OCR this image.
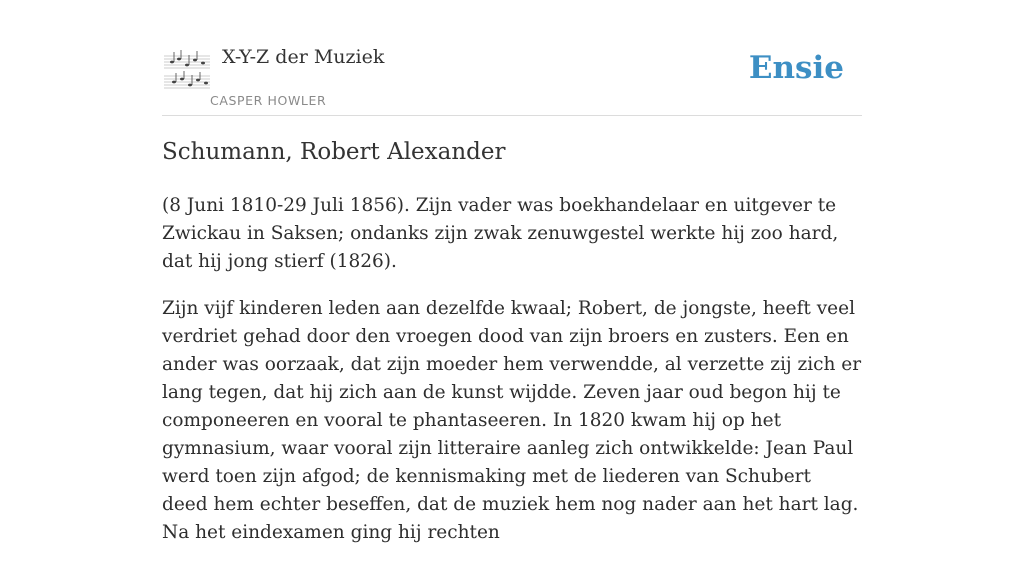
X-Y-Z der Muziek
CASPER HOWLER
Ensie
Schumann, Robert Alexander

(8 Juni 1810-29 Juli 1856). Zijn vader was boekhandelaar en uitgever te Zwickau in Saksen; ondanks zijn zwak zenuwgestel werkte hij zoo hard, dat hij jong stierf (1826).

Zijn vijf kinderen leden aan dezelfde kwaal; Robert, de jongste, heeft veel verdriet gehad door den vroegen dood van zijn broers en zusters. Een en ander was oorzaak, dat zijn moeder hem verwendde, al verzette zij zich er lang tegen, dat hij zich aan de kunst wijdde. Zeven jaar oud begon hij te componeeren en vooral te phantaseeren. In 1820 kwam hij op het gymnasium, waar vooral zijn litteraire aanleg zich ontwikkelde: Jean Paul werd toen zijn afgod; de kennismaking met de liederen van Schubert deed hem echter beseffen, dat de muziek hem nog nader aan het hart lag. Na het eindexamen ging hij rechten
